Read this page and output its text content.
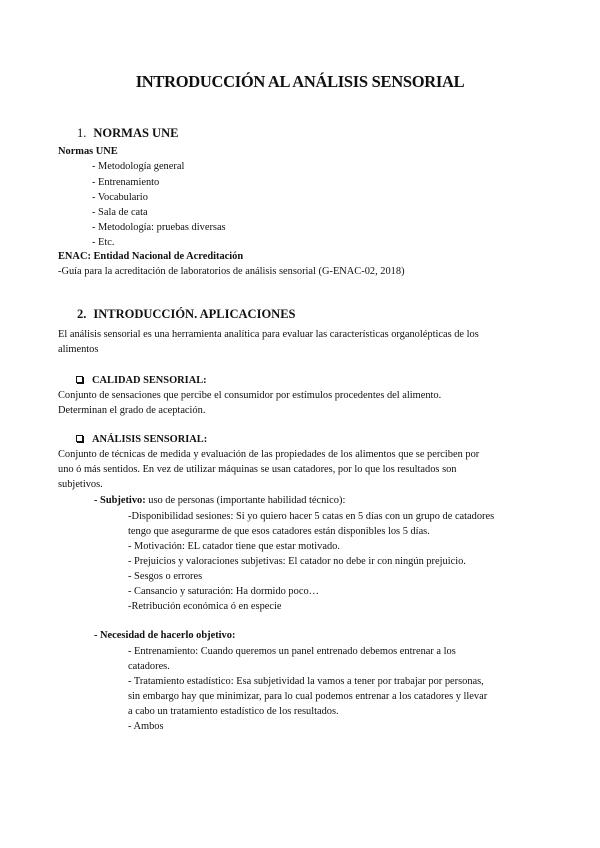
INTRODUCCIÓN AL ANÁLISIS SENSORIAL
1. NORMAS UNE
Normas UNE
- Metodología general
- Entrenamiento
- Vocabulario
- Sala de cata
- Metodología: pruebas diversas
- Etc.
ENAC: Entidad Nacional de Acreditación
-Guía para la acreditación de laboratorios de análisis sensorial (G-ENAC-02, 2018)
2. INTRODUCCIÓN. APLICACIONES
El análisis sensorial es una herramienta analítica para evaluar las características organolépticas de los
alimentos
CALIDAD SENSORIAL:
Conjunto de sensaciones que percibe el consumidor por estímulos procedentes del alimento.
Determinan el grado de aceptación.
ANÁLISIS SENSORIAL:
Conjunto de técnicas de medida y evaluación de las propiedades de los alimentos que se perciben por
uno ó más sentidos. En vez de utilizar máquinas se usan catadores, por lo que los resultados son
subjetivos.
- Subjetivo: uso de personas (importante habilidad técnico):
-Disponibilidad sesiones: Si yo quiero hacer 5 catas en 5 días con un grupo de catadores
tengo que asegurarme de que esos catadores están disponibles los 5 días.
- Motivación: EL catador tiene que estar motivado.
- Prejuicios y valoraciones subjetivas: El catador no debe ir con ningún prejuicio.
- Sesgos o errores
- Cansancio y saturación: Ha dormido poco…
-Retribución económica ó en especie
- Necesidad de hacerlo objetivo:
- Entrenamiento: Cuando queremos un panel entrenado debemos entrenar a los
catadores.
- Tratamiento estadístico: Esa subjetividad la vamos a tener por trabajar por personas,
sin embargo hay que minimizar, para lo cual podemos entrenar a los catadores y llevar
a cabo un tratamiento estadístico de los resultados.
- Ambos
